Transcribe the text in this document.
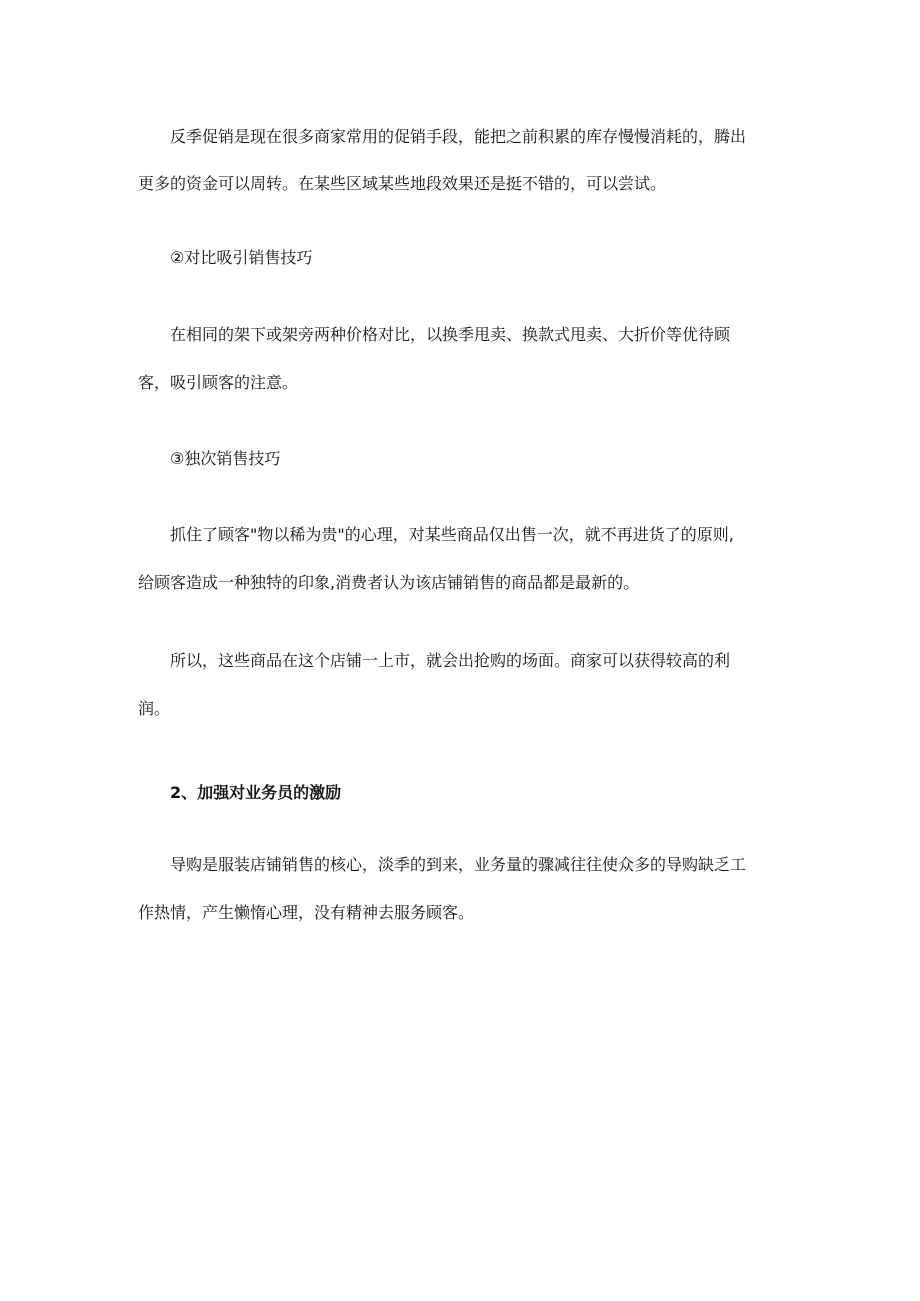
反季促销是现在很多商家常用的促销手段，能把之前积累的库存慢慢消耗的，腾出
更多的资金可以周转。在某些区域某些地段效果还是挺不错的，可以尝试。
②对比吸引销售技巧
在相同的架下或架旁两种价格对比，以换季甩卖、换款式甩卖、大折价等优待顾
客，吸引顾客的注意。
③独次销售技巧
抓住了顾客"物以稀为贵"的心理，对某些商品仅出售一次，就不再进货了的原则,
给顾客造成一种独特的印象,消费者认为该店铺销售的商品都是最新的。
所以，这些商品在这个店铺一上市，就会出抢购的场面。商家可以获得较高的利
润。
2、加强对业务员的激励
导购是服装店铺销售的核心，淡季的到来，业务量的骤减往往使众多的导购缺乏工
作热情，产生懒惰心理，没有精神去服务顾客。
